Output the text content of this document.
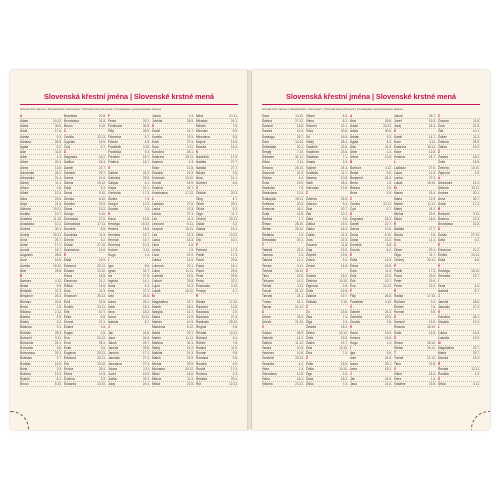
Slovenská křestní jména | Slovenské krstné mená
Slovak first names | Slowakische Vornamen | Szlovák keresztnevek | Словацкие христианские имена
A
Adam	24.12.
Adela	30.6.
Adolf	17.6.
Adrián	5.3.
Adriana	26.8.
Agáta	5.2.
Alan	11.6.
Albín	1.3.
Albert	20.4.
Alena	13.8.
Alexander	26.2.
Alexandra	21.4.
Alexej	11.1.
Alfonz	1.8.
Alfréd	13.4.
Alica	23.6.
Alojz	21.6.
Alžbeta	19.11.
Amália	10.7.
Anabela	11.10.
Anastázia	10.2.
Andrea	30.1.
Andrej	30.11.
Anna	26.7.
Anton	17.1.
Arnold	18.7.
Augustín	28.8.
Aurel	16.6.
Aurélia	15.10.
Ábel	25.8.
B
Barbora	4.12.
Beáta	9.5.
Beňadik	21.3.
Benjamín	26.3.
Bernard	20.8.
Berta	1.5.
Bibiána	2.12.
Blanka	2.5.
Blažej	3.2.
Blažena	3.1.
Bohdan	28.3.
Bohumil	9.11.
Bohumila	24.1.
Bohuslav	3.8.
Bohuslava	29.1.
Boleslav	3.7.
Bonifác	14.5.
Boris	2.5.
Božena	13.3.
Bystrík	8.1.
Bruno	6.10.
Branislav	20.8.
Bronislava	31.8.
Bruno	6.10.
C
Cecília	22.11.
Cyprián	16.9.
Cyril	5.7.
D
Dagmara	18.2.
Dalibor	18.4.
Daniel	21.7.
Daniela	29.7.
Darina	10.6.
Dárius	19.12.
Dáša	6.2.
Denis	9.10.
Denisa	8.10.
Dezider	23.5.
Diana	13.2.
Dionýz	9.10.
Dobroslav	27.6.
Dobroslava	17.11.
Dominik	8.8.
Dominika	11.5.
Dorota	6.2.
Dušan	27.10.
Drahomíra	16.6.
E
Edita	16.9.
Edmund	20.11.
Eduard	13.10.
Elena	18.8.
Eleonóra	21.2.
Eliška	14.6.
Ema	11.9.
Emanuel	25.12.
Emil	22.5.
Emília	24.11.
Erik	10.7.
Erika	6.6.
Ernest	12.1.
Estera	3.6.
Eugen	2.6.
Eva	24.12.
Ervín	25.4.
Ester	3.6.
Eugénia	25.12.
Edmund	20.11.
Ela	24.10.
Ervína	25.4.
Elvíra	14.5.
Evelína	3.2.
Eduarda	13.10.
F
Fedor	25.1.
Ferdinand	30.5.
Filip	26.5.
Filoména	5.7.
Flórián	4.5.
František	4.10.
Františka	9.3.
Frederik	18.7.
Fridrich	18.7.
G
Gabriel	24.3.
Gabriela	29.5.
Gašpar	6.1.
Gejza	21.1.
Gertrúda	17.3.
Gizela	7.5.
Gregor	12.3.
Gustáv	2.8.
H
Hana	15.5.
Hedviga	16.10.
Helena	18.8.
Henrieta	15.7.
Henrich	15.7.
Hermína	10.4.
Hubert	3.11.
Hugo	1.4.
I
Igor	5.6.
Ignác	31.7.
Ida	27.8.
Ingrida	14.1.
Irena	6.4.
Irma	27.1.
Ivan	24.6.
Ivana	25.1.
Iveta	18.1.
Ivica	18.2.
Ivona	11.11.
Izabela	8.7.
J
Ján	24.6.
Jana	24.6.
Jakub	25.7.
Jarmila	28.6.
Jaromír	17.1.
Jaroslav	27.4.
Jaroslava	27.4.
Jolana	2.11.
Jozef	19.3.
Judita	29.1.
Juraj	24.4.
Jurina	2.4.
Justína	26.9.
K
Kamil	14.7.
Kamila	31.5.
Karin	27.4.
Karol	4.11.
Karolína	28.1.
Katarína	25.11.
Kazimír	4.3.
Klára	12.8.
Klaudia	19.3.
Koloman	13.10.
Kornel	16.9.
Kristína	24.7.
Kvetoslava	17.12.
L
Ladislav	27.6.
Laura	12.3.
Lenka	27.3.
Leo	11.4.
Leonard	6.11.
Leopold	15.11.
Lea	22.3.
Liana	18.3.
Libor	4.8.
Linda	1.9.
Lívia	19.2.
Ľubica	14.6.
Ľubomír	20.1.
Ľubor	11.11.
Ľudmila	15.9.
Ľudovít	25.8.
Lujza	15.3.
Lukáš	18.10.
M
Magdaléna	22.7.
Marek	25.4.
Margita	13.7.
Mária	12.9.
Marián	10.9.
Marianna	8.12.
Marta	29.7.
Martin	11.11.
Martina	30.1.
Matej	24.2.
Matilda	14.3.
Matúš	21.9.
Michal	29.9.
Michaela	20.12.
Milan	18.6.
Milena	11.3.
Milica	23.5.
Miloš	21.11.
Miloslav	24.1.
Miriam	7.9.
Miroslav	5.5.
Miroslava	5.5.
Mojmír	12.6.
Monika	15.4.
N
Nadežda	17.9.
Natália	27.7.
Nataša	27.7.
Nikola	2.6.
Nina	14.1.
Norbert	6.6.
O
Oldrich	20.3.
Oleg	4.7.
Oliver	29.1.
Olívia	5.3.
Olga	11.7.
Ondrej	30.11.
Oskar	3.2.
Otakar	16.1.
Otília	13.12.
Oto	16.1.
P
Patrícia	17.3.
Patrik	17.3.
Pavel	29.6.
Pavla	18.1.
Pavol	29.6.
Peter	29.6.
Petra	22.2.
Pravoslav	3.12.
Prokop	4.7.
R
Radka	17.10.
Radomír	13.8.
Radoslav	2.9.
Radovan	27.4.
Rastislav	28.10.
Regína	3.8.
Renáta	12.11.
Richard	3.4.
Róbert	7.6.
Roland	11.5.
Roman	9.8.
Romana	9.8.
Rozália	4.9.
Rudolf	17.4.
Ružena	2.3.
Rebeka	25.4.
Rút	12.12.
Slovenská křestní jména | Slovenské krstné mená
Slovak first names | Slowakische Vornamen | Szlovák keresztnevek | Словацкие христианские имена
Sara	14.10.
Sabína	27.12.
Samuel	15.8.
Sandra	14.9.
Santiago	25.7.
Sára	14.10.
Sebastián	20.1.
Sergej	7.10.
Silvester	31.12.
Silvia	3.11.
Simona	28.10.
Slavomír	21.3.
Slávka	4.4.
Soňa	15.9.
Stanislav	7.5.
Stanislava	12.4.
Svätopluk	25.11.
Svetlana	20.3.
Svetozár	26.1.
Sofia	15.5.
Šarlota	1.7.
Šimon	28.10.
Štefan	26.12.
Štefánia	2.9.
Šebastián	20.1.
T
Tadeáš	22.4.
Tamara	2.3.
Tatiana	12.1.
Teodor	9.11.
Terézia	15.10.
Tibor	22.8.
Tichomír	14.2.
Tobiáš	2.11.
Tomáš	21.12.
Timotej	24.1.
Tímea	31.1.
Tamás	21.12.
U
Urban	25.5.
Uršuľa	21.10.
V
Václav	28.9.
Valentín	14.2.
Valéria	11.12.
Vanda	10.8.
Vavrinec	10.8.
Vendelín	20.10.
Veronika	4.2.
Viera	1.4.
Vieroslava	12.8.
Viktor	18.4.
Viktória	23.12.
Viliam	5.4.
Vilma	8.1.
Vincent	22.1.
Viola	30.6.
Vít	15.6.
Vitalij	28.4.
Vladimír	23.5.
Vladimíra	23.5.
Vladislav	7.1.
Vlasta	2.4.
Vojtech	24.4.
Vratislav	11.7.
Vanesa	10.8.
Valér	28.4.
Vieroslav	12.8.
Z
Zdenka	25.9.
Zdenko	9.4.
Zina	20.7.
Zita	10.1.
Zlata	9.6.
Zlatica	19.2.
Zlatko	16.3.
Zoltán	11.3.
Zora	22.3.
Zuzana	11.8.
Zoja	15.6.
Zbyněk	13.5.
Zdeno	9.4.
Zenon	14.6.
Ž
Žaneta	18.2.
Želmíra	10.10.
Žigmund	2.5.
Žofia	15.5.
Žaklína	19.7.
Želislav	2.10.
Ž
Žo	15.5.
Živa	7.4.
Žiga	2.5.
Žaneta	18.2.
Želmír	10.10.
Žofia	15.5.
Žaklín	19.7.
Žela	10.10.
Živa	7.4.
Ž
Žofie	15.5.
Želka	10.10.
Žigo	2.5.
Žana	18.2.
Živko	7.4.
A
Ábel	25.8.
Adam	24.12.
Adela	30.6.
Adrián	5.3.
Agáta	5.2.
Alan	11.6.
Albín	1.3.
Alena	13.8.
B
Barbora	4.12.
Beáta	9.5.
Benjamín	26.3.
Berta	1.5.
Blanka	2.5.
Boris	2.5.
C
Cecília	22.11.
Cyril	5.7.
D
Dagmara	18.2.
Daniel	21.7.
Darina	10.6.
Denis	9.10.
Diana	13.2.
Dominik	8.8.
Dorota	6.2.
E
Edita	16.9.
Elena	18.8.
Ema	11.9.
Emil	22.5.
Erik	10.7.
Eva	24.12.
F
Filip	26.5.
František	4.10.
G
Gabriel	24.3.
Gabriela	29.5.
Gustáv	2.8.
H
Hana	15.5.
Helena	18.8.
Hugo	1.4.
I
Igor	5.6.
Ivan	24.6.
Ivana	25.1.
Iveta	18.1.
J
Ján	24.6.
Jana	24.6.
Jakub	25.7.
Jozef	19.3.
Juraj	24.4.
K
Kamil	14.7.
Karol	4.11.
Katarína	25.11.
Klára	12.8.
Kristína	24.7.
L
Ladislav	27.6.
Laura	12.3.
Lenka	27.3.
Lukáš	18.10.
M
Marek	25.4.
Mária	12.9.
Martin	11.11.
Matej	24.2.
Michal	29.9.
Milan	18.6.
N
Natália	27.7.
Nikola	2.6.
Nina	14.1.
O
Oliver	29.1.
Olga	11.7.
Ondrej	30.11.
P
Patrik	17.3.
Pavol	29.6.
Peter	29.6.
Petra	22.2.
R
Radka	17.10.
Richard	3.4.
Róbert	7.6.
Roman	9.8.
S
Samuel	15.8.
Simona	28.10.
Sofia	15.5.
Š
Šimon	28.10.
Štefan	26.12.
T
Tomáš	21.12.
Tibor	22.8.
V
Viktor	18.4.
Viera	1.4.
Vladimír	23.5.
Z
Zuzana	11.8.
Zora	22.3.
Zita	10.1.
Zoltán	11.3.
Zdenka	25.9.
Zlatica	19.2.
Ž
Žaneta	18.2.
Žofia	15.5.
Želmíra	10.10.
Žigmund	2.5.
A
Alexandra	21.4.
Alžbeta	19.11.
Andrea	30.1.
Anna	26.7.
Anton	17.1.
B
Bohumil	9.11.
Božena	13.3.
Bronislava	31.8.
D
Dušan	27.10.
Dáša	6.2.
E
Eleonóra	21.2.
Emília	24.11.
Erika	6.6.
H
Hedviga	16.10.
Henrieta	15.7.
I
Irena	6.4.
Izabela	8.7.
J
Jarmila	28.6.
Jaroslav	27.4.
K
Karolína	28.1.
Klaudia	19.3.
L
Ľubica	14.6.
Ľudmila	15.9.
M
Magdaléna	22.7.
Marta	29.7.
Monika	15.4.
R
Renáta	12.11.
Rozália	4.9.
S
Silvia	3.11.
